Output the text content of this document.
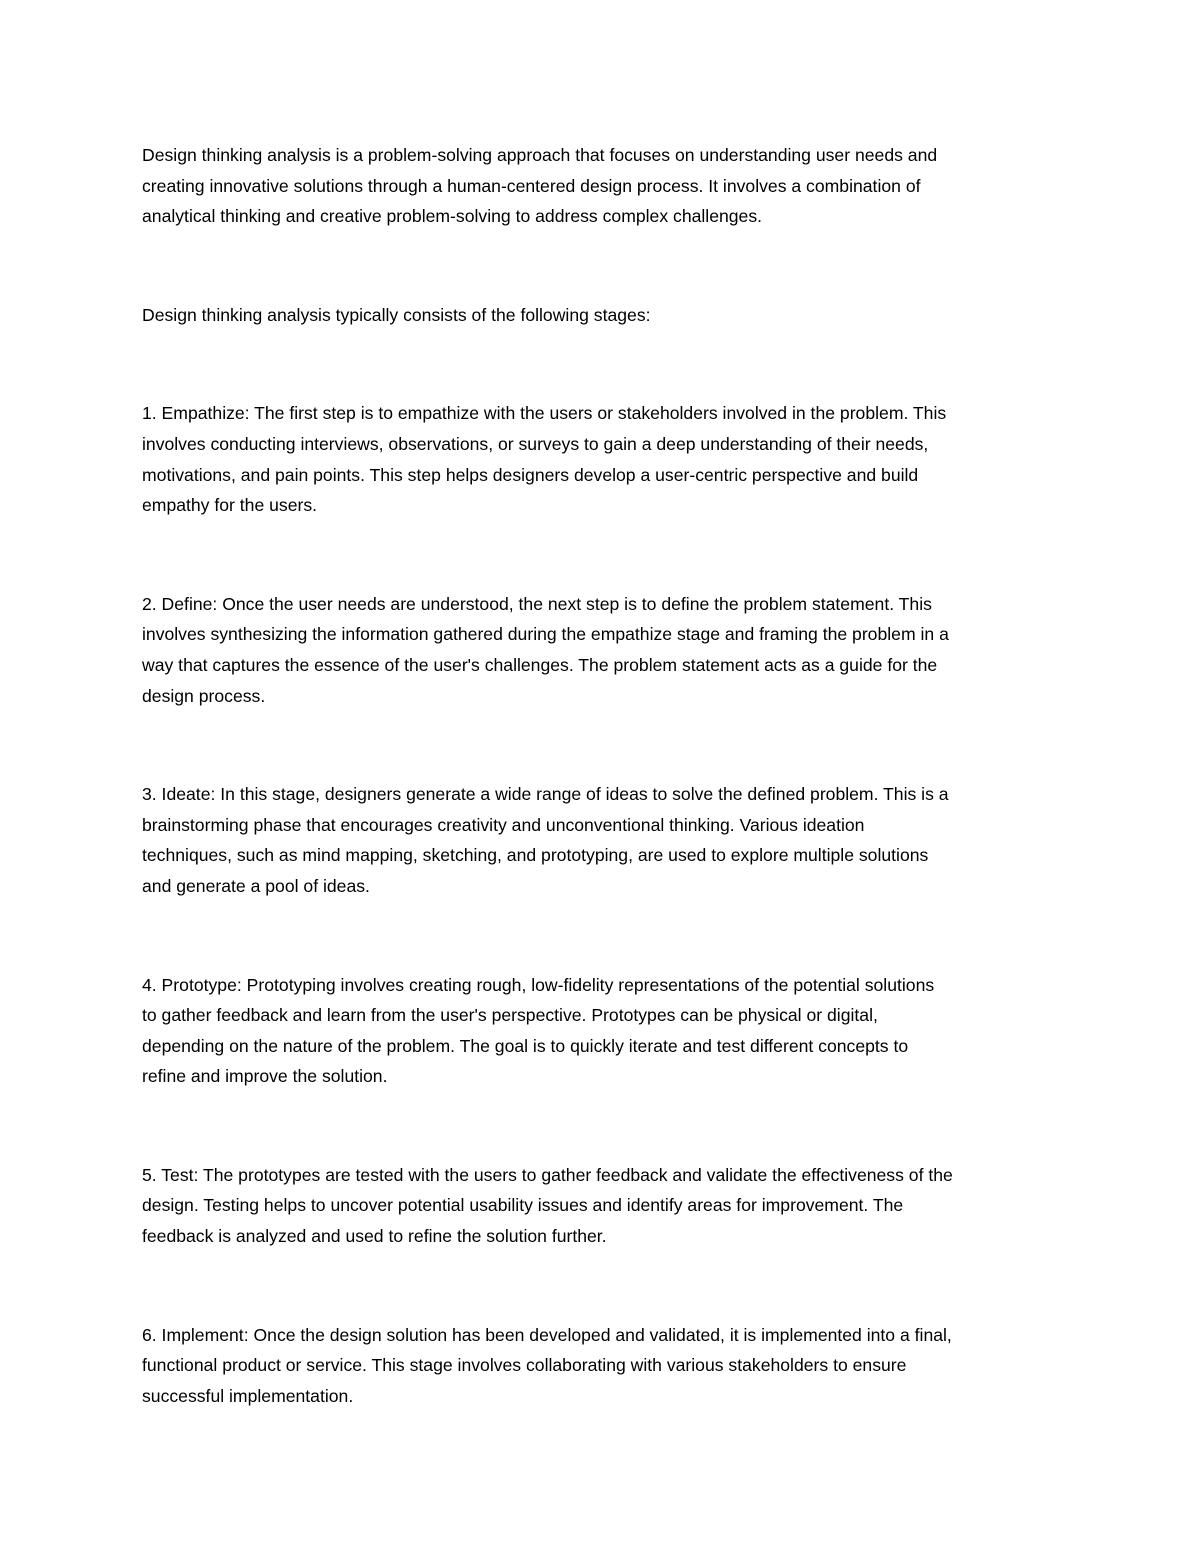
Design thinking analysis is a problem-solving approach that focuses on understanding user needs and
creating innovative solutions through a human-centered design process. It involves a combination of
analytical thinking and creative problem-solving to address complex challenges.

Design thinking analysis typically consists of the following stages:

1. Empathize: The first step is to empathize with the users or stakeholders involved in the problem. This
involves conducting interviews, observations, or surveys to gain a deep understanding of their needs,
motivations, and pain points. This step helps designers develop a user-centric perspective and build
empathy for the users.

2. Define: Once the user needs are understood, the next step is to define the problem statement. This
involves synthesizing the information gathered during the empathize stage and framing the problem in a
way that captures the essence of the user's challenges. The problem statement acts as a guide for the
design process.

3. Ideate: In this stage, designers generate a wide range of ideas to solve the defined problem. This is a
brainstorming phase that encourages creativity and unconventional thinking. Various ideation
techniques, such as mind mapping, sketching, and prototyping, are used to explore multiple solutions
and generate a pool of ideas.

4. Prototype: Prototyping involves creating rough, low-fidelity representations of the potential solutions
to gather feedback and learn from the user's perspective. Prototypes can be physical or digital,
depending on the nature of the problem. The goal is to quickly iterate and test different concepts to
refine and improve the solution.

5. Test: The prototypes are tested with the users to gather feedback and validate the effectiveness of the
design. Testing helps to uncover potential usability issues and identify areas for improvement. The
feedback is analyzed and used to refine the solution further.

6. Implement: Once the design solution has been developed and validated, it is implemented into a final,
functional product or service. This stage involves collaborating with various stakeholders to ensure
successful implementation.
